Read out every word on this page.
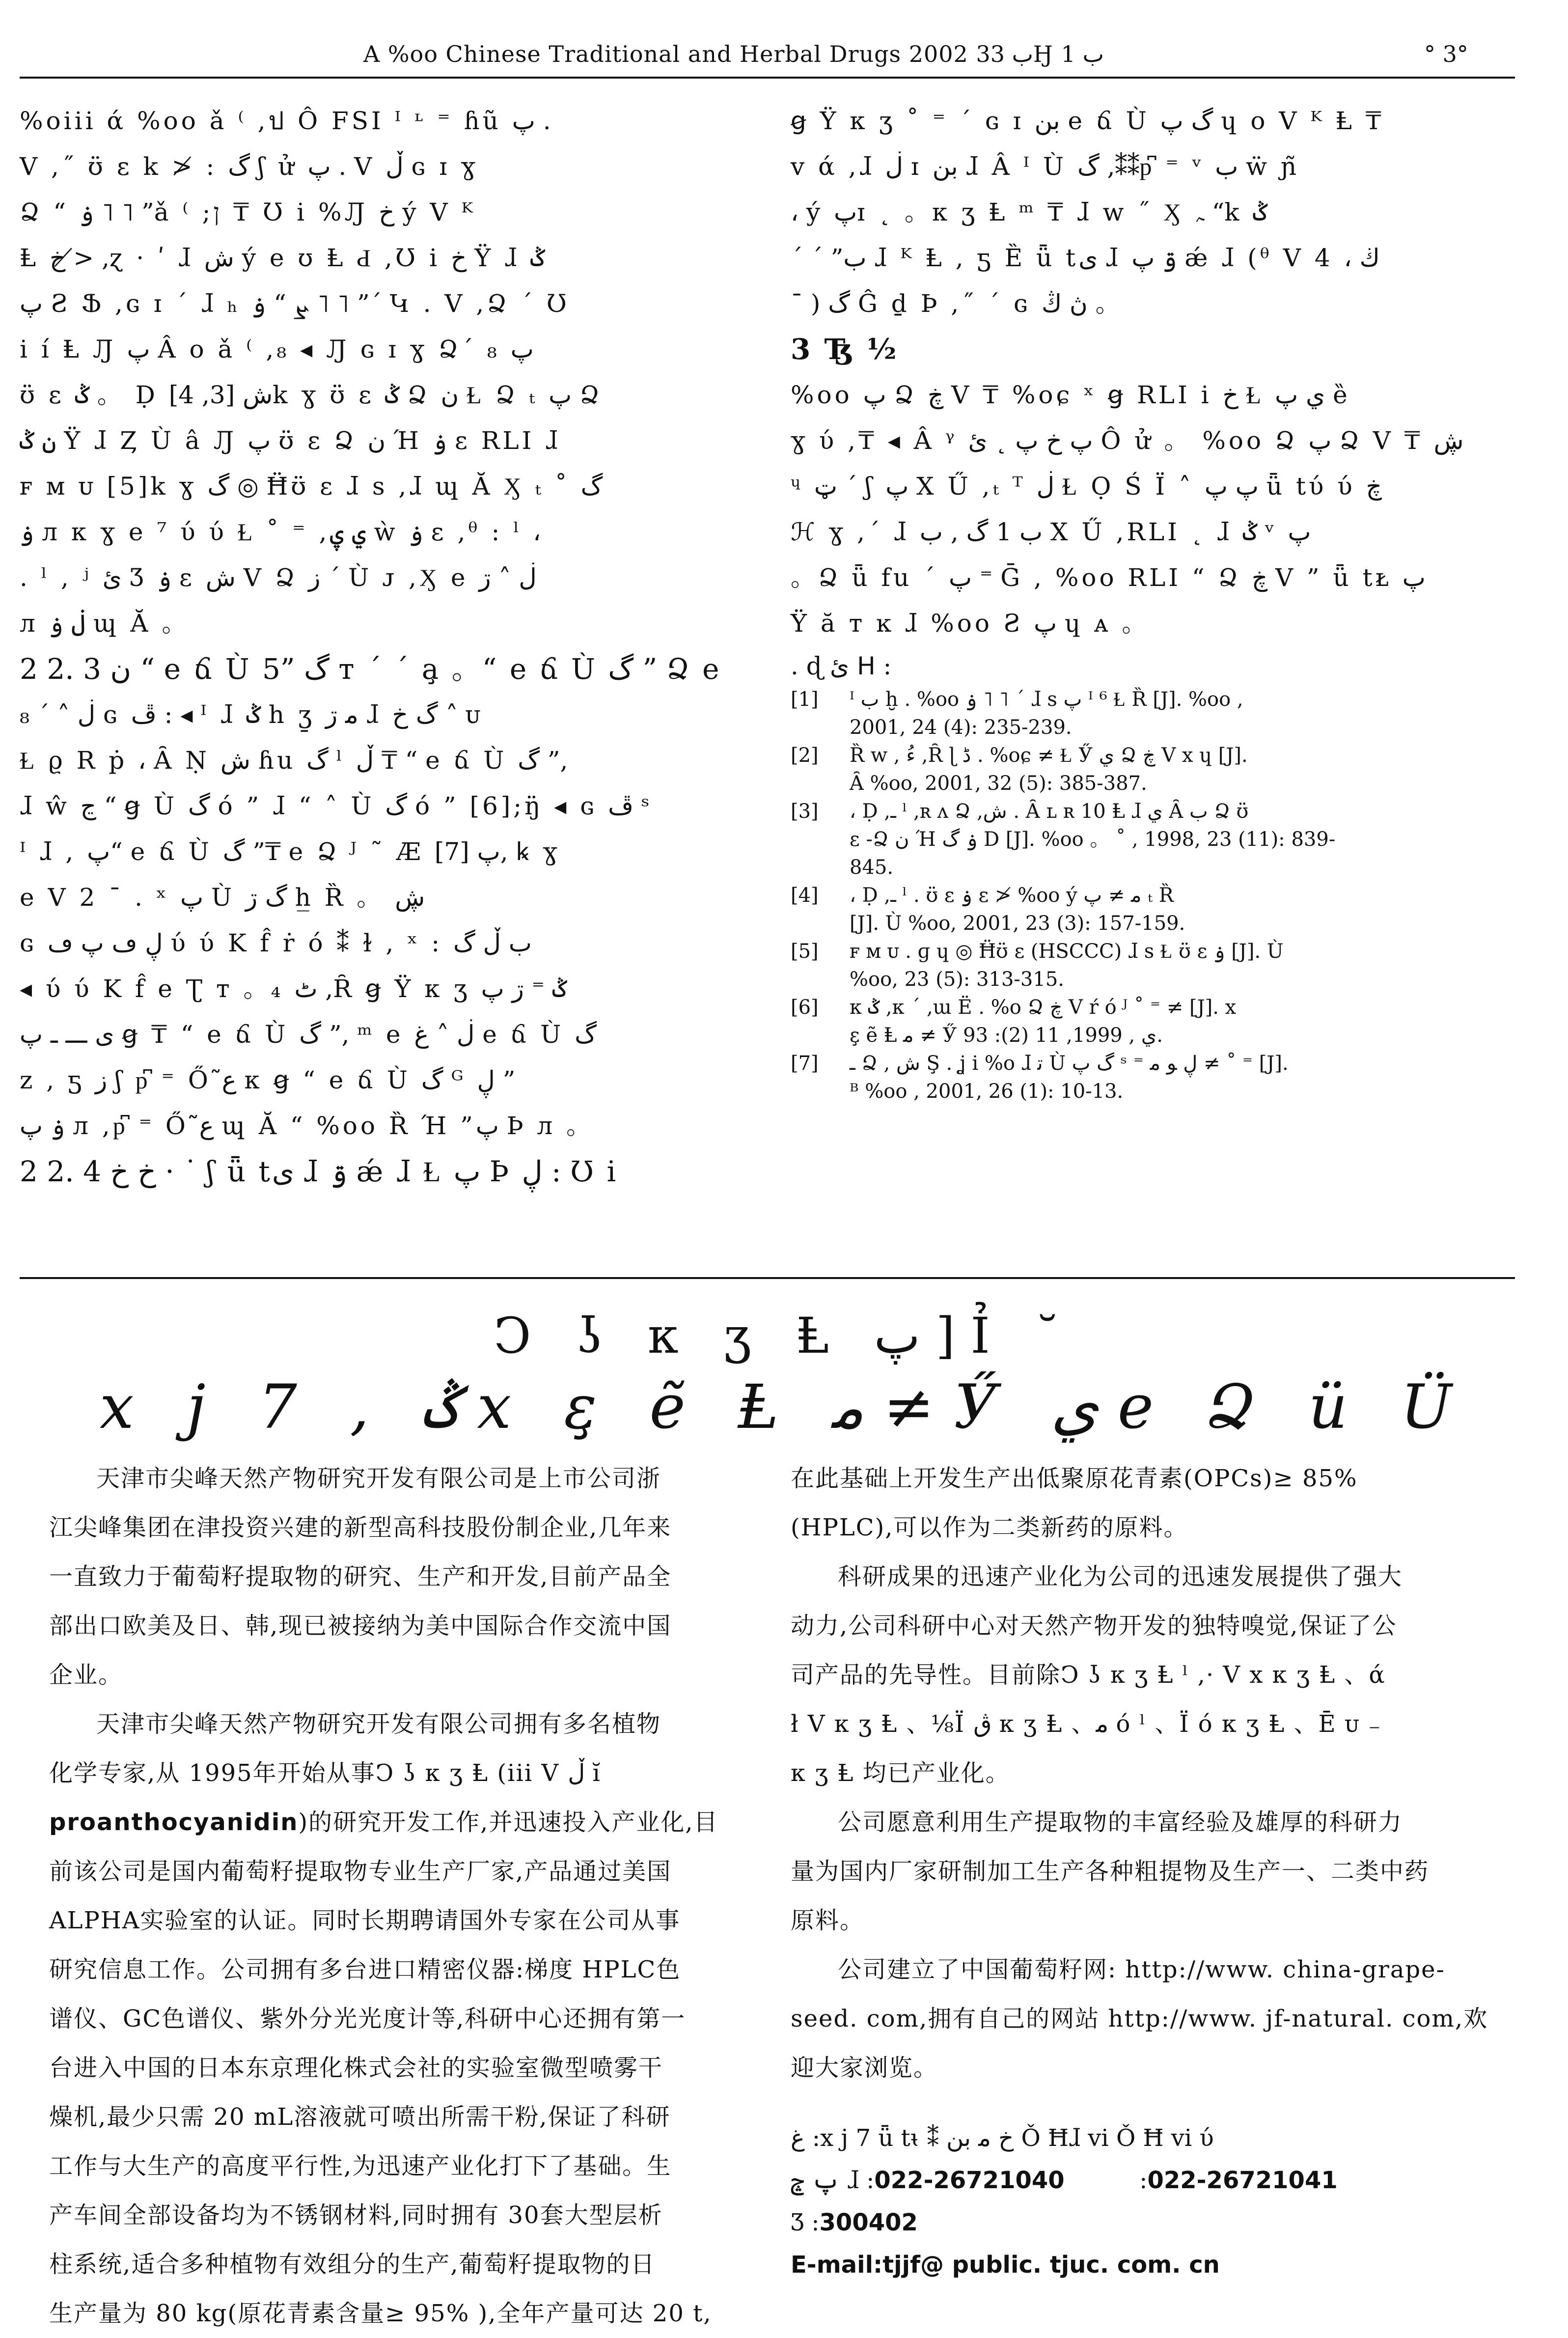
A %oo Chinese Traditional and Herbal Drugs 2002 ب 33Ӈ ب 1	° 3°
%oiii ά %oo ǎ ⁽ ,ป Ô FSI ᴵ ᶫ ⁼ ɦũ پ .
V ,˝ ʊ̈ ɛ k ≯ : گ ʃ ử پ . V ڵ ɢ ɪ ɣ
Ձ “ ۏ ˥ ˥ ”ǎ ⁽ ;ן ₸ Ʊ i %Ԓ خ ý V ᴷ
Ⱡ خ ≯ ,ɀ · ʹ ɺ ش ý e ʊ Ⱡ Ԁ ,Ʊ i خ Ÿ ɺ ݣ
پ Ƨ Ֆ ,ɢ ɪ ´ ɺ ₕ ܨ “ ۏ ˥ ˥ ”´ Կ . V ,Ձ ´ Ʊ
i í Ⱡ Ԓ پ Â o ǎ ⁽ ,₈ ◂ Ԓ ɢ ɪ ɣ Ձ´ ₈ پ
ʊ̈ ɛ ݣ 。 Ḍ ش [3, 4]k ɣ ʊ̈ ɛ ݣ Ձ ن Ɫ Ձ ₜ پ Ձ
ن ݣ Ÿ ɺ Ȥ Ù â Ԓ پ ʊ̈ ɛ Ձ ن Ή ۏ ɛ RLI ɺ
ꜰ ᴍ ᴜ [5]k ɣ گ ◎ Ħ̈ʊ̈ ɛ ɺ s ,ɺ ɰ Ă Ӽ ₜ ˚ گ
ۏ л κ ɣ e ⁷ ύ ύ Ɫ ˚ ⁼ ,ي ۑ ẁ ۏ ɛ ,ᶿ : ˡ ،
. ˡ , ʲ ئ Ʒ ۏ ɛ ش V Ձ ز ´ Ù ᴊ ,Ӽ e ڶ ˄ ڗ
л ڶ ۏ ɰ Ă 。
2 2. 3 ن “ e ճ Ù گ ”5 ᴛ ´ ´ a̧ 。“ e ճ Ù گ ” Ձ e
ڶ ˄ ´ ₈ ɢ ڦ : ◂ ᴵ ɺ ݣ h ʒ̱ ﻣ ڗ ɺ گ خ ˄ ᴜ
Ɫ ϱ R ṗ ، Ȃ Ṇ ش ɦu گ ˡ ڵ ₸ “ e ճ Ù گ ”,
ɺ ŵ ڃ “ ꞡ Ù گ ó ” ɺ “ ˄ Ù گ ó ” [6];ŋ̈ ◂ ɢ ڦ ˢ
ᴵ ɺ , پ“ e ճ Ù گ ”₸ e Ձ ᴶ ˜ Æ پ [7], ꝃ ɣ
e V 2 ˉ . ˣ پ Ù گ ڗ h̲ Ȑ 。 ڜ
ɢ ڸ ڡ پ ڡ ύ ύ K f̂ ṙ ó ⁑ ɫ , ˣ : ب ڵ گ
◂ ύ ύ K f̂ e Ʈ ᴛ 。₄ ٹ ,Ȓ ꞡ Ÿ κ ʒ ݣ ⁼ ڗ پ
ی ـــ ـ پ ꞡ ₸ “ e ճ Ù گ ”, ᵐ e ڶ ˄ غ e ճ Ù گ
z , ƽ ز ʃ p͆ ⁼ Ő ع̃ κ ꞡ “ e ճ Ù گ ᴳ ڸ ”
ۏ پ л ,p͆ ⁼ Ő ع̃ ɰ Ă “ %oo Ȑ Ή ”پ Þ л 。
2 2. 4 خ خ · ˙ ʃ ǖ tى ɺ ۊ ǽ ɺ Ɫ پ Þ ڸ : Ʊ i
ꞡ Ÿ κ ʒ ˚ ⁼ ´ ɢ ɪ بن e ճ Ù گ پ ɥ o V ᴷ Ⱡ ₸
v ά ,ɺ ڶ ɪ بن ɺ Â ᴵ Ù گ ,⁑⁑p͆ ⁼ ᵛ ب ẅ ɲ̃
، ý پɪ ˛ 。κ ʒ Ⱡ ᵐ ₸ ɺ w ˝ Ӽ ﮧ “k ݣ
´ ´ ”ب ɺ ᴷ Ⱡ , ƽ Ȅ ǖ tى ɺ ۊ پ ǽ ɺ (ᶿ V 4 ، ڬ
¯ ) ﮒ Ĝ ḏ Þ ,˝ ´ ɢ ڽ ڭ 。
3 Ꜩ ½
%oo پ Ձ ڿ V ₸ %oɕ ˣ ꞡ RLI i خ Ɫ ي پ ȅ
ɣ ύ ,₸ ◂ Â ᵞ پ خ پ ˛ ئ Ô ử 。 %oo Ձ پ Ձ V ₸ ڜ
ᶣ ټ ´ ʃ پ X Ű ,ₜ ᵀ ڶ Ɫ Ọ Ś Ï ˄ پ پ ǖ tύ ύ ڿ
ℋ ɣ ,´ ɺ ب 1 گ , ب X Ű ,RLI ˛ ɺ ݣ ᵛ پ
。Ձ ǖ fu ´ پ ⁼ Ḡ , %oo RLI “ Ձ ڿ V ” ǖ tᴌ پ
Ÿ ă ᴛ ĸ ɺ %oo Ƨ پ ɥ ᴀ 。
. ɖ ئ ᕼ :
[1] ᴵ ب ḫ . %oo ۏ ˥ ˥ ´ ɺ s پ ᴵ ⁶ Ɫ Ȑ [J]. %oo ,
2001, 24 (4): 235-239.
[2] Ȑ w , ءُ ,Ȓ ɭ ﮈ . %oɕ ≠ Ɫ Ӳ ي Ձ ڿ V x ɥ [J].
Ȃ %oo, 2001, 32 (5): 385-387.
[3] ، Ḍ ,ـ ˡ ,ʀ ʌ Ձ ,ش . Ȃ ʟ ʀ 10 Ⱡ ɺ ي Ȃ ب Ձ ʊ̈
ɛ -Ձ ن Ή ۏ گ D [J]. %oo 。 ˚ , 1998, 23 (11): 839-
845.
[4] ، Ḍ ,ـ ˡ . ʊ̈ ɛ ۏ ɛ ≯ %oo ý ﻣ ≠ پ ₜ Ȑ
[J]. Ù %oo, 2001, 23 (3): 157-159.
[5] ꜰ ᴍ ᴜ . ɡ ɥ ◎ Ħ̈ʊ̈ ɛ (HSCCC) ɺ s Ɫ ʊ̈ ɛ ۏ [J]. Ù
%oo, 23 (5): 313-315.
[6] κ ݣ ,κ ´ ,ɯ Ë . %o Ձ ڿ V ŕ ó ᴶ ˚ ⁼ ≠ [J]. x
ɛ̧ ẽ Ⱡ ﻣ ≠ Ӳ ي , 1999, 11 (2): 93.
[7] ـ Ձ , ش Ş . ʝ i %o ɺ ﺗ Ù گ پ ˢ ⁼ ڸ ﻮ ﻣ ≠ ˚ ⁼ [J].
ᴮ %oo , 2001, 26 (1): 10-13.
Ͻ ʖ κ ʒ Ⱡ پ ] Ỉ ˘
x j 7 , ݣ x ɛ̧ ẽ Ⱡ ﻣ ≠ Ӳ ي e Ձ ü Ü
天津市尖峰天然产物研究开发有限公司是上市公司浙
江尖峰集团在津投资兴建的新型高科技股份制企业,几年来
一直致力于葡萄籽提取物的研究、生产和开发,目前产品全
部出口欧美及日、韩,现已被接纳为美中国际合作交流中国
企业。
天津市尖峰天然产物研究开发有限公司拥有多名植物
化学专家,从 1995年开始从事Ͻ ʖ κ ʒ Ⱡ (iii V ڵ ĭ
proanthocyanidin)的研究开发工作,并迅速投入产业化,目
前该公司是国内葡萄籽提取物专业生产厂家,产品通过美国
ALPHA实验室的认证。同时长期聘请国外专家在公司从事
研究信息工作。公司拥有多台进口精密仪器:梯度 HPLC色
谱仪、GC色谱仪、紫外分光光度计等,科研中心还拥有第一
台进入中国的日本东京理化株式会社的实验室微型喷雾干
燥机,最少只需 20 mL溶液就可喷出所需干粉,保证了科研
工作与大生产的高度平行性,为迅速产业化打下了基础。生
产车间全部设备均为不锈钢材料,同时拥有 30套大型层析
柱系统,适合多种植物有效组分的生产,葡萄籽提取物的日
生产量为 80 kg(原花青素含量≥ 95% ),全年产量可达 20 t,
在此基础上开发生产出低聚原花青素(OPCs)≥ 85%
(HPLC),可以作为二类新药的原料。
科研成果的迅速产业化为公司的迅速发展提供了强大
动力,公司科研中心对天然产物开发的独特嗅觉,保证了公
司产品的先导性。目前除Ͻ ʖ κ ʒ Ⱡ ˡ ,· V x κ ʒ Ⱡ 、ά
ł V κ ʒ Ⱡ 、⅛Ï ڨ κ ʒ Ⱡ 、ﻣ ó ˡ 、Ï ó κ ʒ Ⱡ 、Ē ᴜ ₋
κ ʒ Ⱡ 均已产业化。
公司愿意利用生产提取物的丰富经验及雄厚的科研力
量为国内厂家研制加工生产各种粗提物及生产一、二类中药
原料。
公司建立了中国葡萄籽网: http://www. china-grape-
seed. com,拥有自己的网站 http://www. jf-natural. com,欢
迎大家浏览。
ﻍ :x j 7 ǖ tᵼ ⁑ خ ﻣ بن Ǒ Ħɺ vi Ǒ Ħ vi ύ
پ ݘ ɺ :022-26721040	:022-26721041
Ʒ :300402
E-mail:tjjf@ public. tjuc. com. cn
